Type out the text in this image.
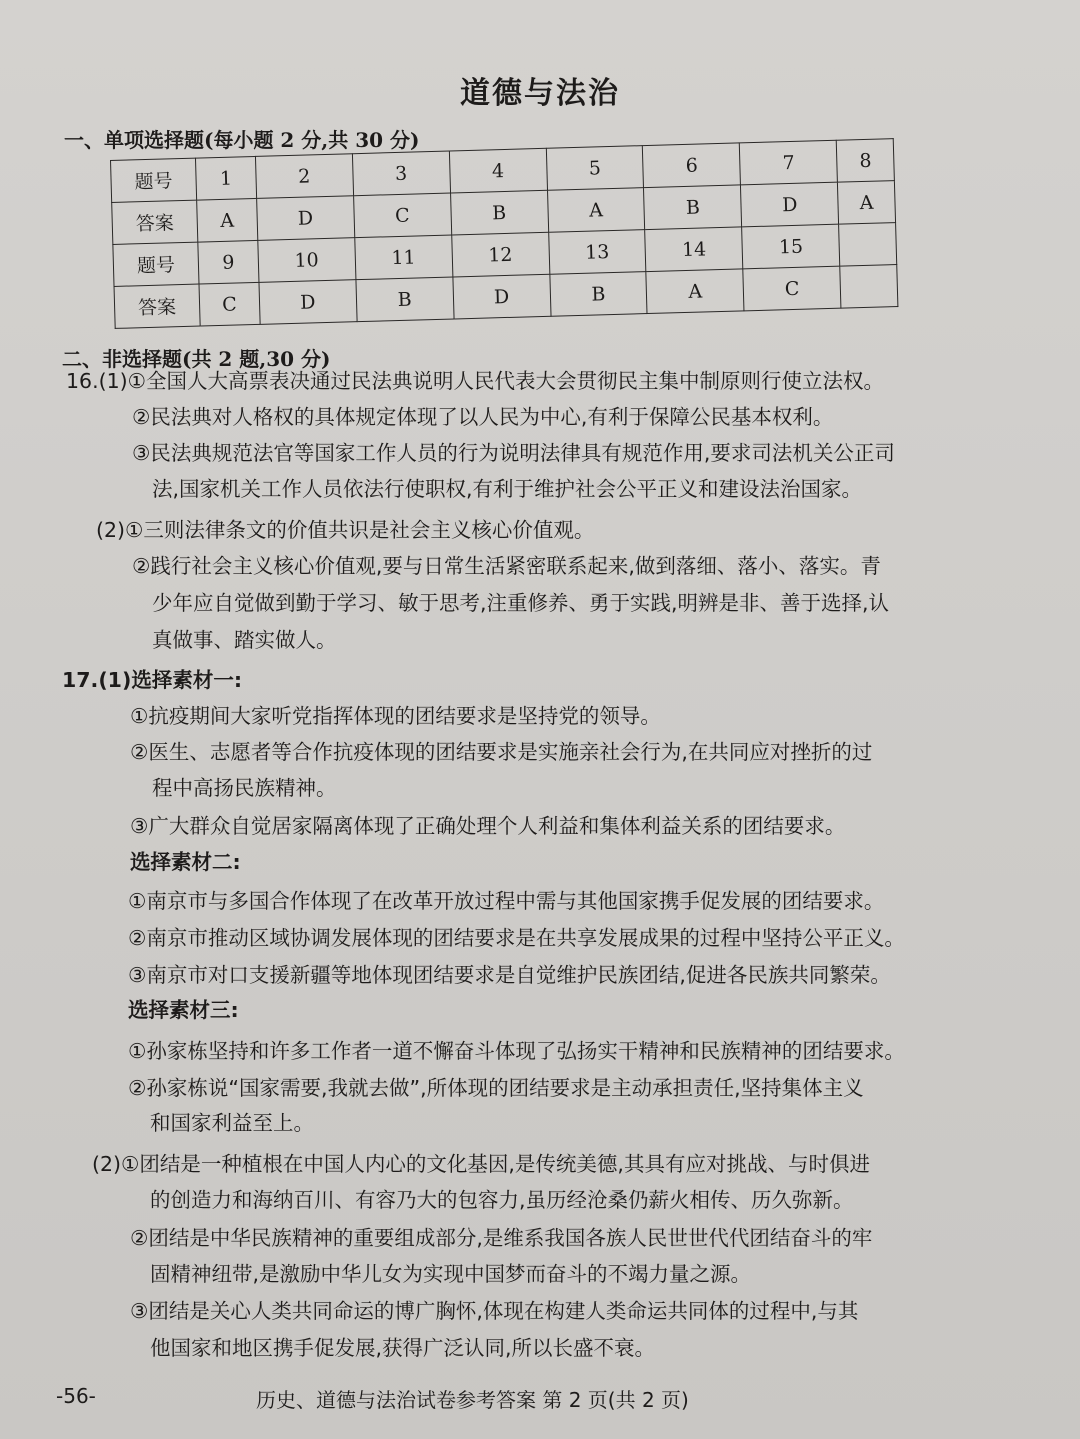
道德与法治
一、单项选择题(每小题 2 分,共 30 分)
题号	1	2	3	4	5	6	7	8
答案	A	D	C	B	A	B	D	A
题号	9	10	11	12	13	14	15	
答案	C	D	B	D	B	A	C	
二、非选择题(共 2 题,30 分)
16.(1)①全国人大高票表决通过民法典说明人民代表大会贯彻民主集中制原则行使立法权。
②民法典对人格权的具体规定体现了以人民为中心,有利于保障公民基本权利。
③民法典规范法官等国家工作人员的行为说明法律具有规范作用,要求司法机关公正司
法,国家机关工作人员依法行使职权,有利于维护社会公平正义和建设法治国家。
(2)①三则法律条文的价值共识是社会主义核心价值观。
②践行社会主义核心价值观,要与日常生活紧密联系起来,做到落细、落小、落实。青
少年应自觉做到勤于学习、敏于思考,注重修养、勇于实践,明辨是非、善于选择,认
真做事、踏实做人。
17.(1)选择素材一:
①抗疫期间大家听党指挥体现的团结要求是坚持党的领导。
②医生、志愿者等合作抗疫体现的团结要求是实施亲社会行为,在共同应对挫折的过
程中高扬民族精神。
③广大群众自觉居家隔离体现了正确处理个人利益和集体利益关系的团结要求。
选择素材二:
①南京市与多国合作体现了在改革开放过程中需与其他国家携手促发展的团结要求。
②南京市推动区域协调发展体现的团结要求是在共享发展成果的过程中坚持公平正义。
③南京市对口支援新疆等地体现团结要求是自觉维护民族团结,促进各民族共同繁荣。
选择素材三:
①孙家栋坚持和许多工作者一道不懈奋斗体现了弘扬实干精神和民族精神的团结要求。
②孙家栋说“国家需要,我就去做”,所体现的团结要求是主动承担责任,坚持集体主义
和国家利益至上。
(2)①团结是一种植根在中国人内心的文化基因,是传统美德,其具有应对挑战、与时俱进
的创造力和海纳百川、有容乃大的包容力,虽历经沧桑仍薪火相传、历久弥新。
②团结是中华民族精神的重要组成部分,是维系我国各族人民世世代代团结奋斗的牢
固精神纽带,是激励中华儿女为实现中国梦而奋斗的不竭力量之源。
③团结是关心人类共同命运的博广胸怀,体现在构建人类命运共同体的过程中,与其
他国家和地区携手促发展,获得广泛认同,所以长盛不衰。
-56-	历史、道德与法治试卷参考答案 第 2 页(共 2 页)
